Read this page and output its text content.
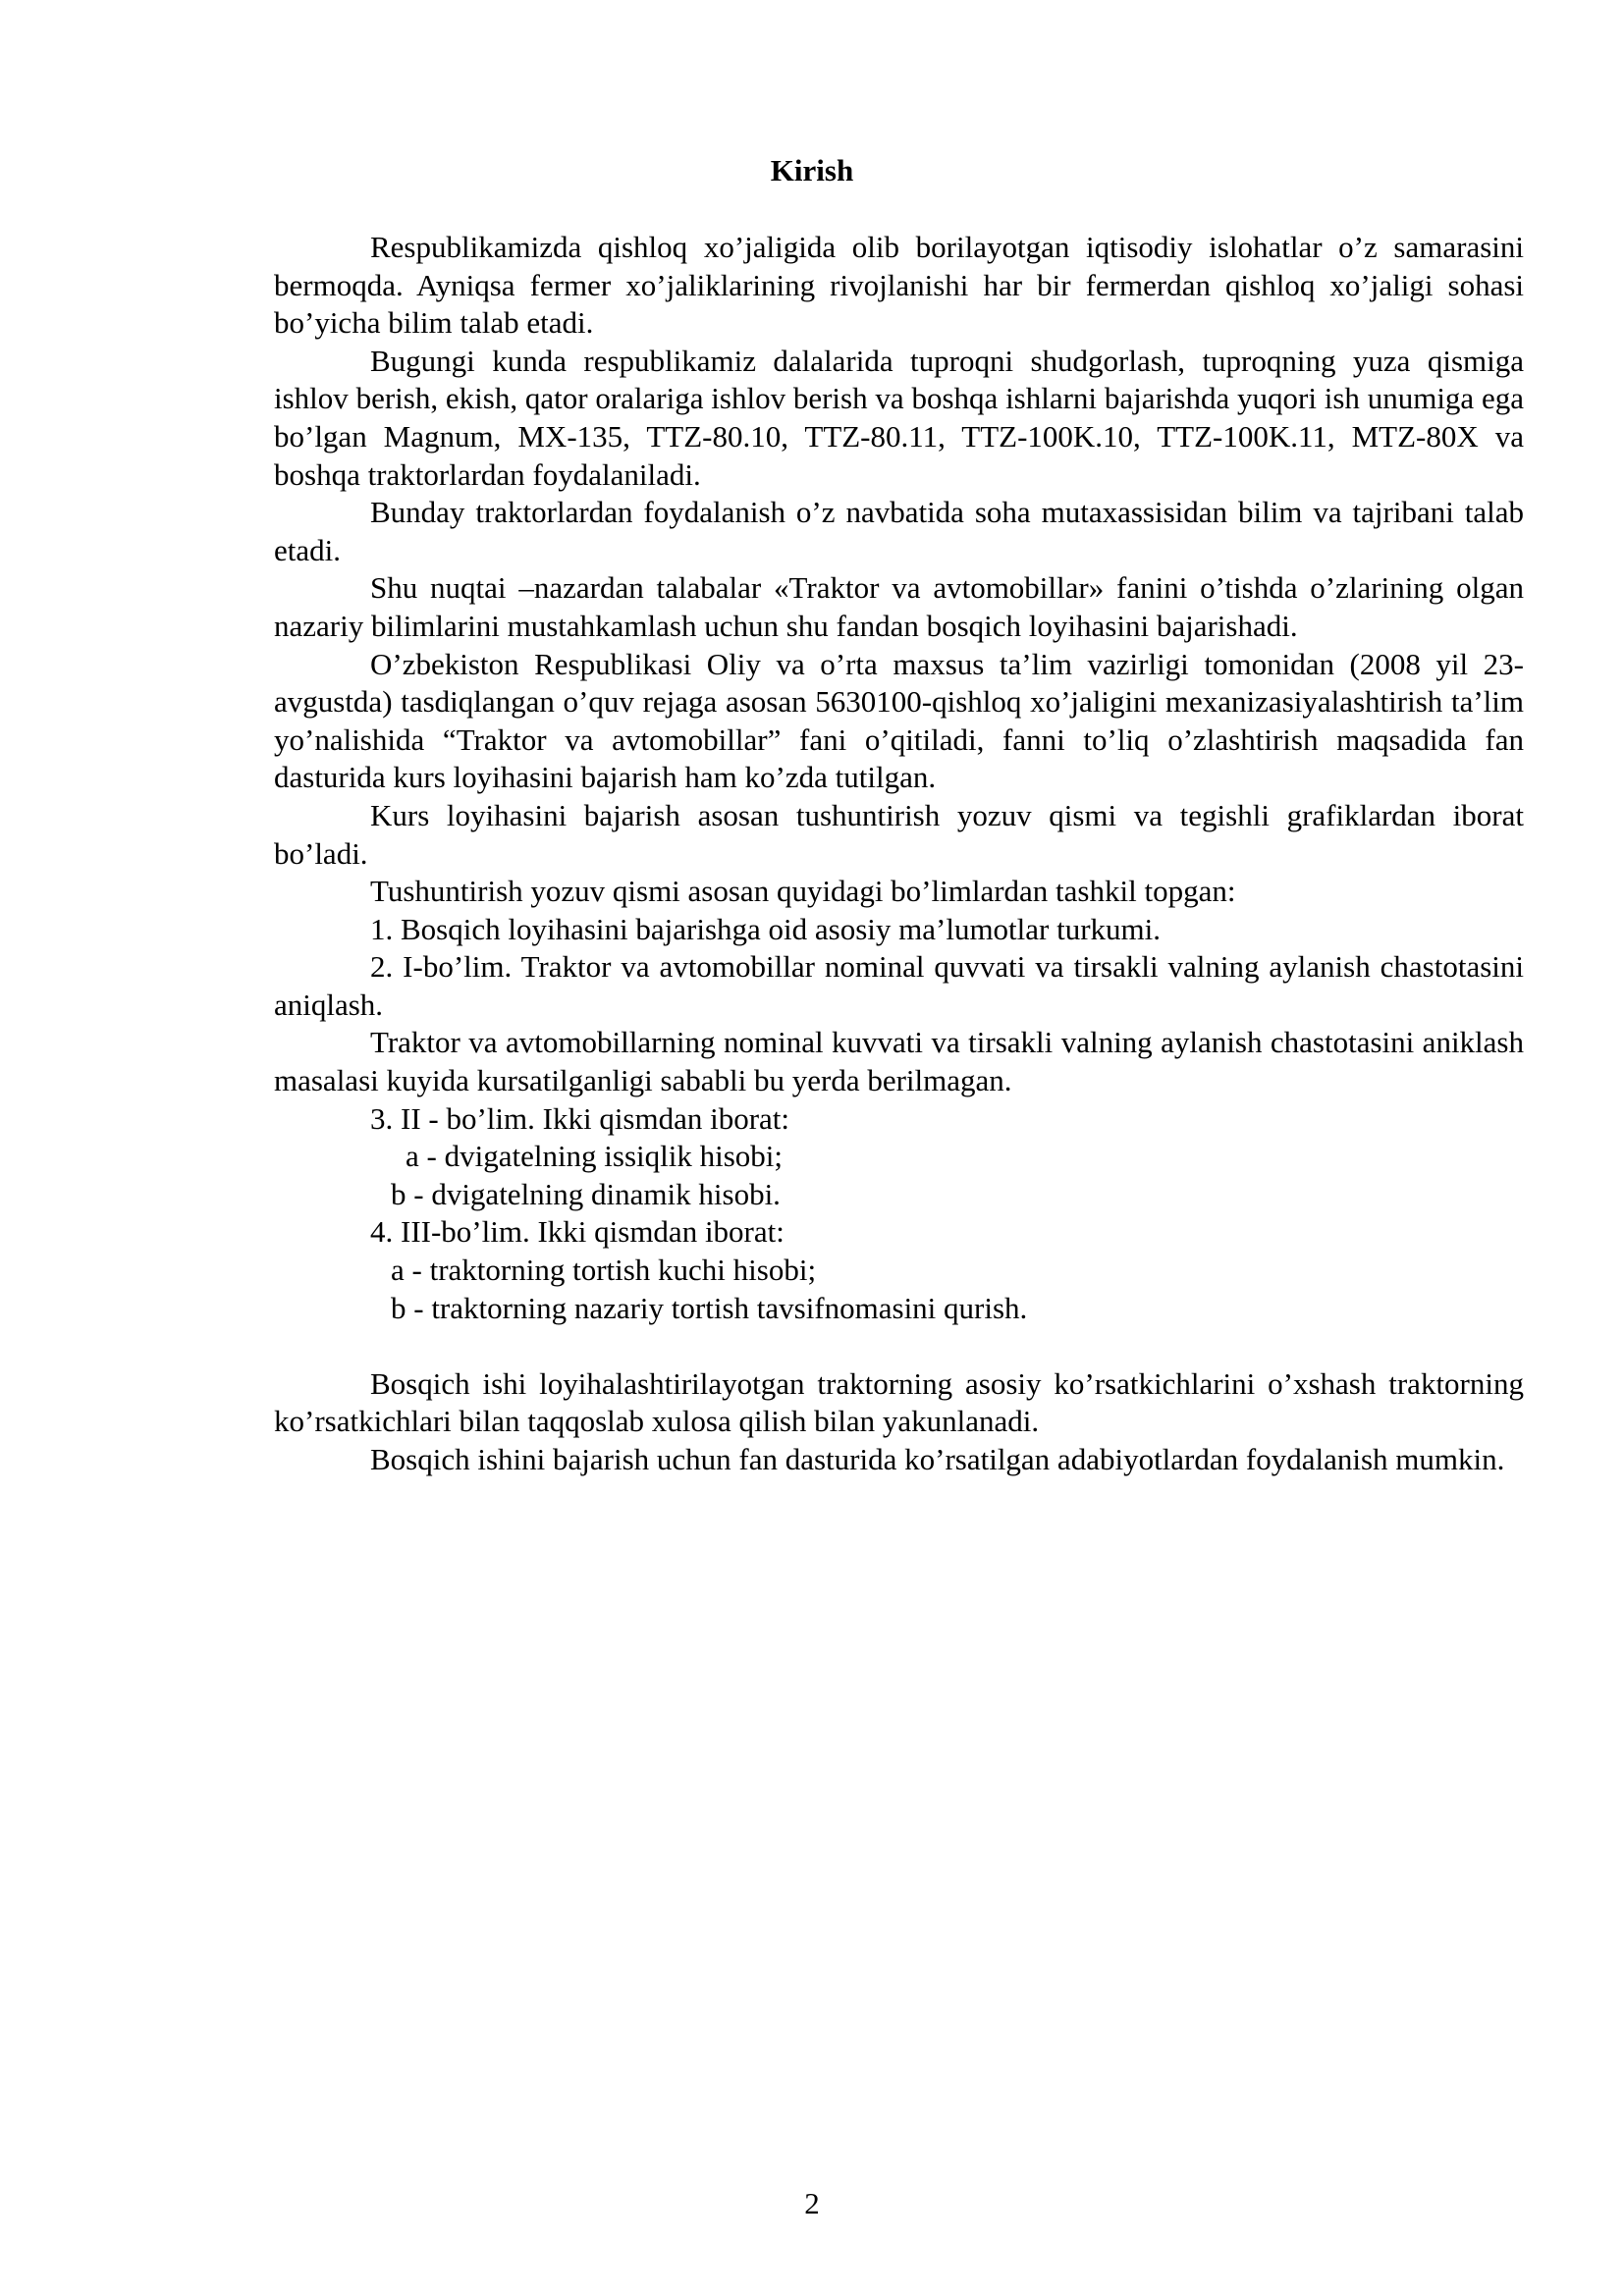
Kirish

Respublikamizda qishloq xo’jaligida olib borilayotgan iqtisodiy islohatlar o’z samarasini bermoqda. Ayniqsa fermer xo’jaliklarining rivojlanishi har bir fermerdan qishloq xo’jaligi sohasi bo’yicha bilim talab etadi.

Bugungi kunda respublikamiz dalalarida tuproqni shudgorlash, tuproqning yuza qismiga ishlov berish, ekish, qator oralariga ishlov berish va boshqa ishlarni bajarishda yuqori ish unumiga ega bo’lgan Magnum, MX-135, TTZ-80.10, TTZ-80.11, TTZ-100K.10, TTZ-100K.11, MTZ-80X va boshqa traktorlardan foydalaniladi.

Bunday traktorlardan foydalanish o’z navbatida soha mutaxassisidan bilim va tajribani talab etadi.

Shu nuqtai –nazardan talabalar «Traktor va avtomobillar» fanini o’tishda o’zlarining olgan nazariy bilimlarini mustahkamlash uchun shu fandan bosqich loyihasini bajarishadi.

O’zbekiston Respublikasi Oliy va o’rta maxsus ta’lim vazirligi tomonidan (2008 yil 23-avgustda) tasdiqlangan o’quv rejaga asosan 5630100-qishloq xo’jaligini mexanizasiyalashtirish ta’lim yo’nalishida “Traktor va avtomobillar” fani o’qitiladi, fanni to’liq o’zlashtirish maqsadida fan dasturida kurs loyihasini bajarish ham ko’zda tutilgan.

Kurs loyihasini bajarish asosan tushuntirish yozuv qismi va tegishli grafiklardan iborat bo’ladi.

Tushuntirish yozuv qismi asosan quyidagi bo’limlardan tashkil topgan:

1. Bosqich loyihasini bajarishga oid asosiy ma’lumotlar turkumi.

2. I-bo’lim. Traktor va avtomobillar nominal quvvati va tirsakli valning aylanish chastotasini aniqlash.

Traktor va avtomobillarning nominal kuvvati va tirsakli valning aylanish chastotasini aniklash masalasi kuyida kursatilganligi sababli bu yerda berilmagan.

3. II - bo’lim. Ikki qismdan iborat:

a - dvigatelning issiqlik hisobi;

b - dvigatelning dinamik hisobi.

4. III-bo’lim. Ikki qismdan iborat:

a - traktorning tortish kuchi hisobi;

b - traktorning nazariy tortish tavsifnomasini qurish.

Bosqich ishi loyihalashtirilayotgan traktorning asosiy ko’rsatkichlarini o’xshash traktorning ko’rsatkichlari bilan taqqoslab xulosa qilish bilan yakunlanadi.

Bosqich ishini bajarish uchun fan dasturida ko’rsatilgan adabiyotlardan foydalanish mumkin.

2
